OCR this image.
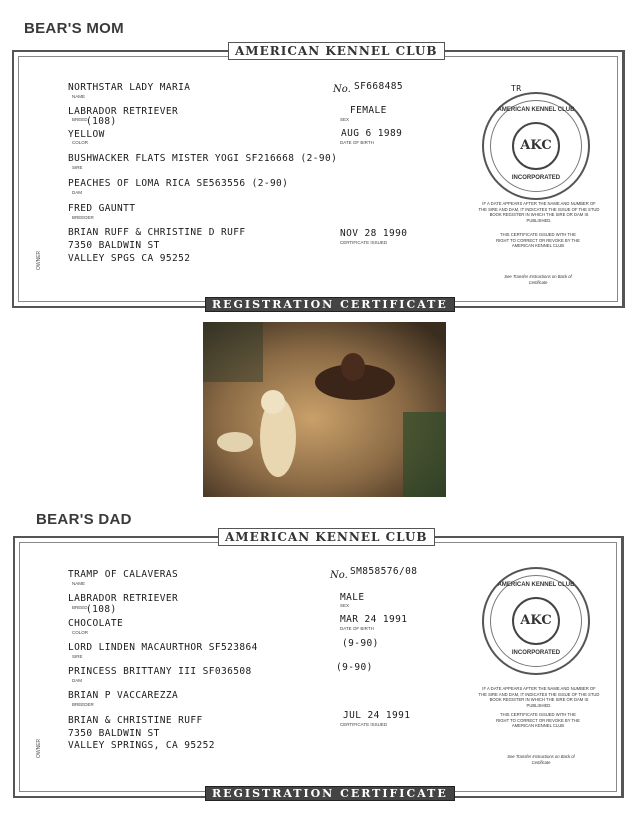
BEAR'S MOM
AMERICAN KENNEL CLUB
REGISTRATION CERTIFICATE
TR
NORTHSTAR LADY MARIA
NAME
No. SF668485
LABRADOR RETRIEVER
BREED
(108)
FEMALE
SEX
YELLOW
COLOR
AUG 6 1989
DATE OF BIRTH
BUSHWACKER FLATS MISTER YOGI SF216668 (2-90)
SIRE
PEACHES OF LOMA RICA SE563556 (2-90)
DAM
FRED GAUNTT
BREEDER
OWNER
BRIAN RUFF & CHRISTINE D RUFF
7350 BALDWIN ST
VALLEY SPGS CA 95252
NOV 28 1990
CERTIFICATE ISSUED
AKC
AMERICAN KENNEL CLUB
INCORPORATED
IF A DATE APPEARS AFTER THE NAME AND NUMBER OF THE SIRE AND DAM, IT INDICATES THE ISSUE OF THE STUD BOOK REGISTER IN WHICH THE SIRE OR DAM IS PUBLISHED.
THIS CERTIFICATE ISSUED WITH THE RIGHT TO CORRECT OR REVOKE BY THE AMERICAN KENNEL CLUB
See Transfer Instructions on Back of Certificate
BEAR'S DAD
AMERICAN KENNEL CLUB
REGISTRATION CERTIFICATE
TRAMP OF CALAVERAS
NAME
No. SM858576/08
LABRADOR RETRIEVER
BREED
(108)
MALE
SEX
CHOCOLATE
COLOR
MAR 24 1991
DATE OF BIRTH
LORD LINDEN MACAURTHOR SF523864	(9-90)
SIRE
PRINCESS BRITTANY III SF036508	(9-90)
DAM
BRIAN P VACCAREZZA
BREEDER
OWNER
BRIAN & CHRISTINE RUFF
7350 BALDWIN ST
VALLEY SPRINGS, CA 95252
JUL 24 1991
CERTIFICATE ISSUED
AKC
AMERICAN KENNEL CLUB
INCORPORATED
IF A DATE APPEARS AFTER THE NAME AND NUMBER OF THE SIRE AND DAM, IT INDICATES THE ISSUE OF THE STUD BOOK REGISTER IN WHICH THE SIRE OR DAM IS PUBLISHED.
THIS CERTIFICATE ISSUED WITH THE RIGHT TO CORRECT OR REVOKE BY THE AMERICAN KENNEL CLUB
See Transfer Instructions on Back of Certificate
